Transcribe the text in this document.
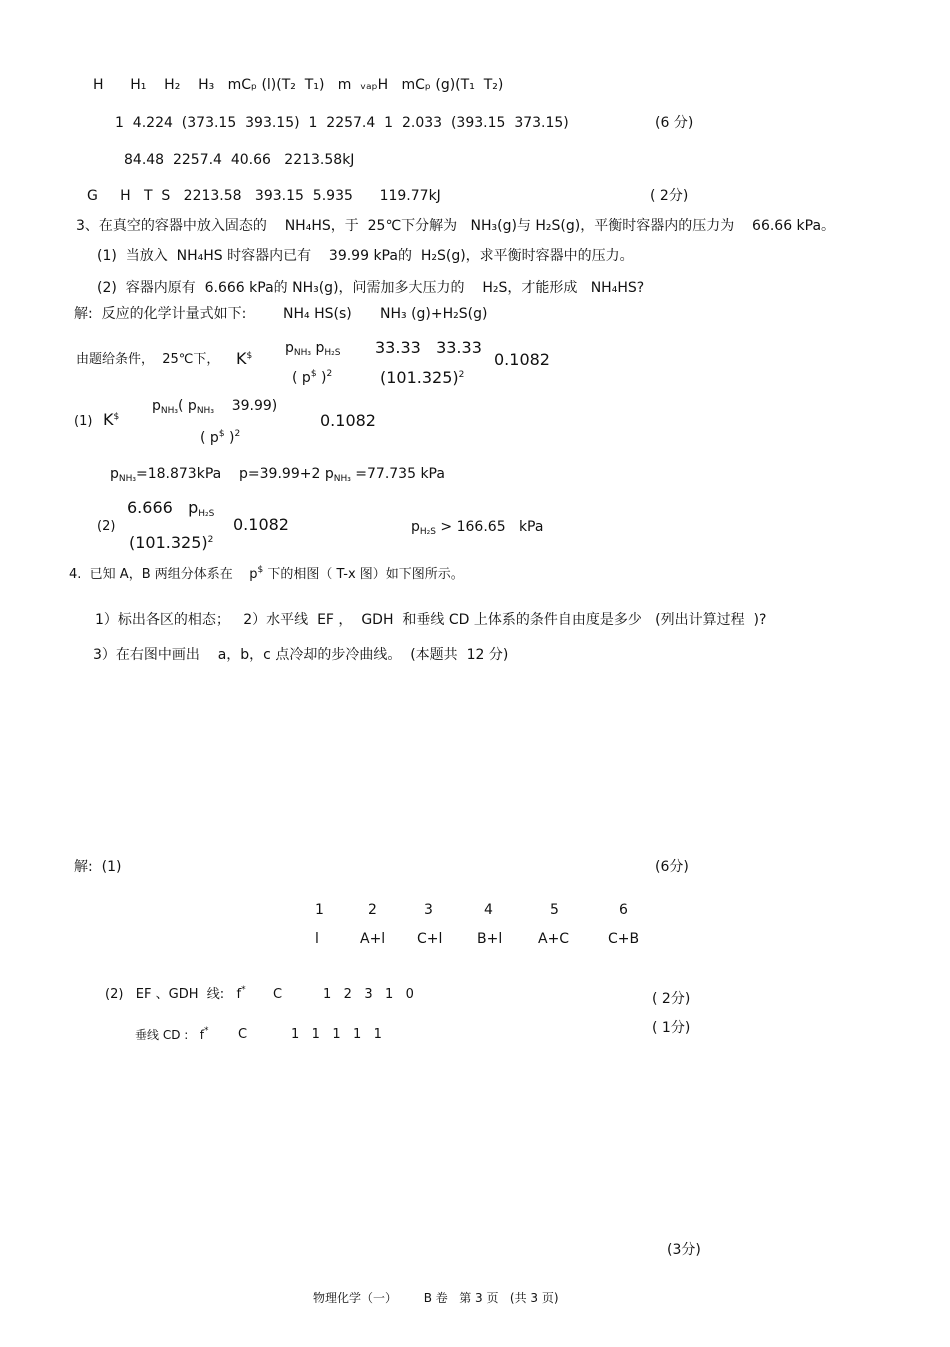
H      H₁    H₂    H₃   mCₚ (l)(T₂  T₁)   m  ᵥₐₚH   mCₚ (g)(T₁  T₂)
1  4.224  (373.15  393.15)  1  2257.4  1  2.033  (393.15  373.15)	(6 分)
84.48  2257.4  40.66   2213.58kJ
G     H   T  S   2213.58   393.15  5.935      119.77kJ	( 2分)
3、在真空的容器中放入固态的    NH₄HS，于  25℃下分解为   NH₃(g)与 H₂S(g)，平衡时容器内的压力为    66.66 kPa。
(1)  当放入  NH₄HS 时容器内已有    39.99 kPa的  H₂S(g)，求平衡时容器中的压力。
(2)  容器内原有  6.666 kPa的 NH₃(g)，问需加多大压力的    H₂S，才能形成   NH₄HS?
解:  反应的化学计量式如下:	NH₄ HS(s) NH₃ (g)+H₂S(g)
由题给条件，  25℃下， K$ $p_{NH_3}$ $p_{H_2S}$
( p$ )$^2$
33.33   33.33
$(101.325)^2$
0.1082
(1) K$
$p_{NH_3}$( $p_{NH_3}$    39.99)
( p$ )$^2$
0.1082
$p_{NH_3}=18.873kPa$ p=39.99+2 $p_{NH_3} =77.735$ kPa
(2)
6.666 pH₂S
$(101.325)^2$
0.1082	$p_{H_2S} > 166.65$   kPa
4.  已知 A，B 两组分体系在    p$ 下的相图（ T-x 图）如下图所示。
1）标出各区的相态；   2）水平线  EF ，  GDH  和垂线 CD 上体系的条件自由度是多少   (列出计算过程  )?
3）在右图中画出    a，b，c 点冷却的步冷曲线。  (本题共  12 分)
解:  (1)	(6分)
1	2	3	4	5	6
l	A+l C+l B+l	A+C	C+B
(2)   EF 、GDH  线:   f* C	1   2   3   1   0	( 2分)
垂线 CD :   f* C	1   1   1   1   1	( 1分)
(3分)
物理化学（一）       B 卷   第 3 页   (共 3 页)
